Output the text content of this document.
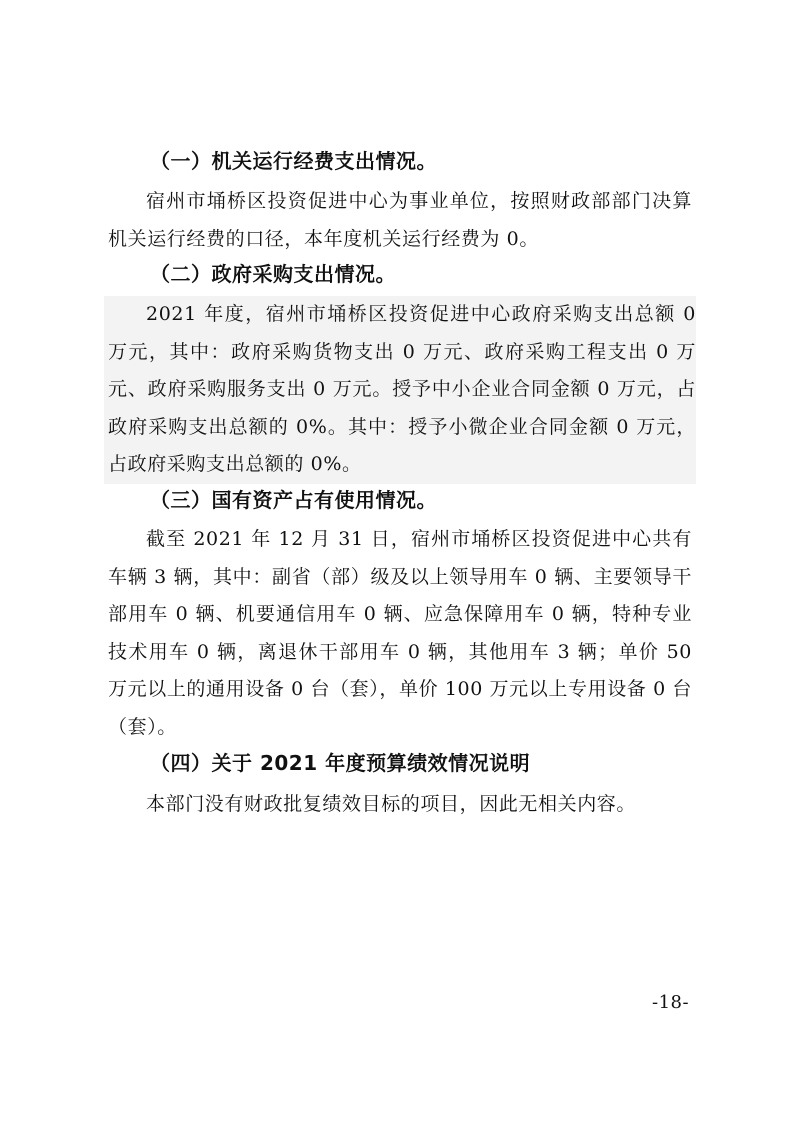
（一）机关运行经费支出情况。
宿州市埇桥区投资促进中心为事业单位，按照财政部部门决算机关运行经费的口径，本年度机关运行经费为 0。
（二）政府采购支出情况。
2021 年度，宿州市埇桥区投资促进中心政府采购支出总额 0 万元，其中：政府采购货物支出 0 万元、政府采购工程支出 0 万元、政府采购服务支出 0 万元。授予中小企业合同金额 0 万元，占政府采购支出总额的 0%。其中：授予小微企业合同金额 0 万元，占政府采购支出总额的 0%。
（三）国有资产占有使用情况。
截至 2021 年 12 月 31 日，宿州市埇桥区投资促进中心共有车辆 3 辆，其中：副省（部）级及以上领导用车 0 辆、主要领导干部用车 0 辆、机要通信用车 0 辆、应急保障用车 0 辆，特种专业技术用车 0 辆，离退休干部用车 0 辆，其他用车 3 辆；单价 50 万元以上的通用设备 0 台（套），单价 100 万元以上专用设备 0 台（套）。
（四）关于 2021 年度预算绩效情况说明
本部门没有财政批复绩效目标的项目，因此无相关内容。
-18-
